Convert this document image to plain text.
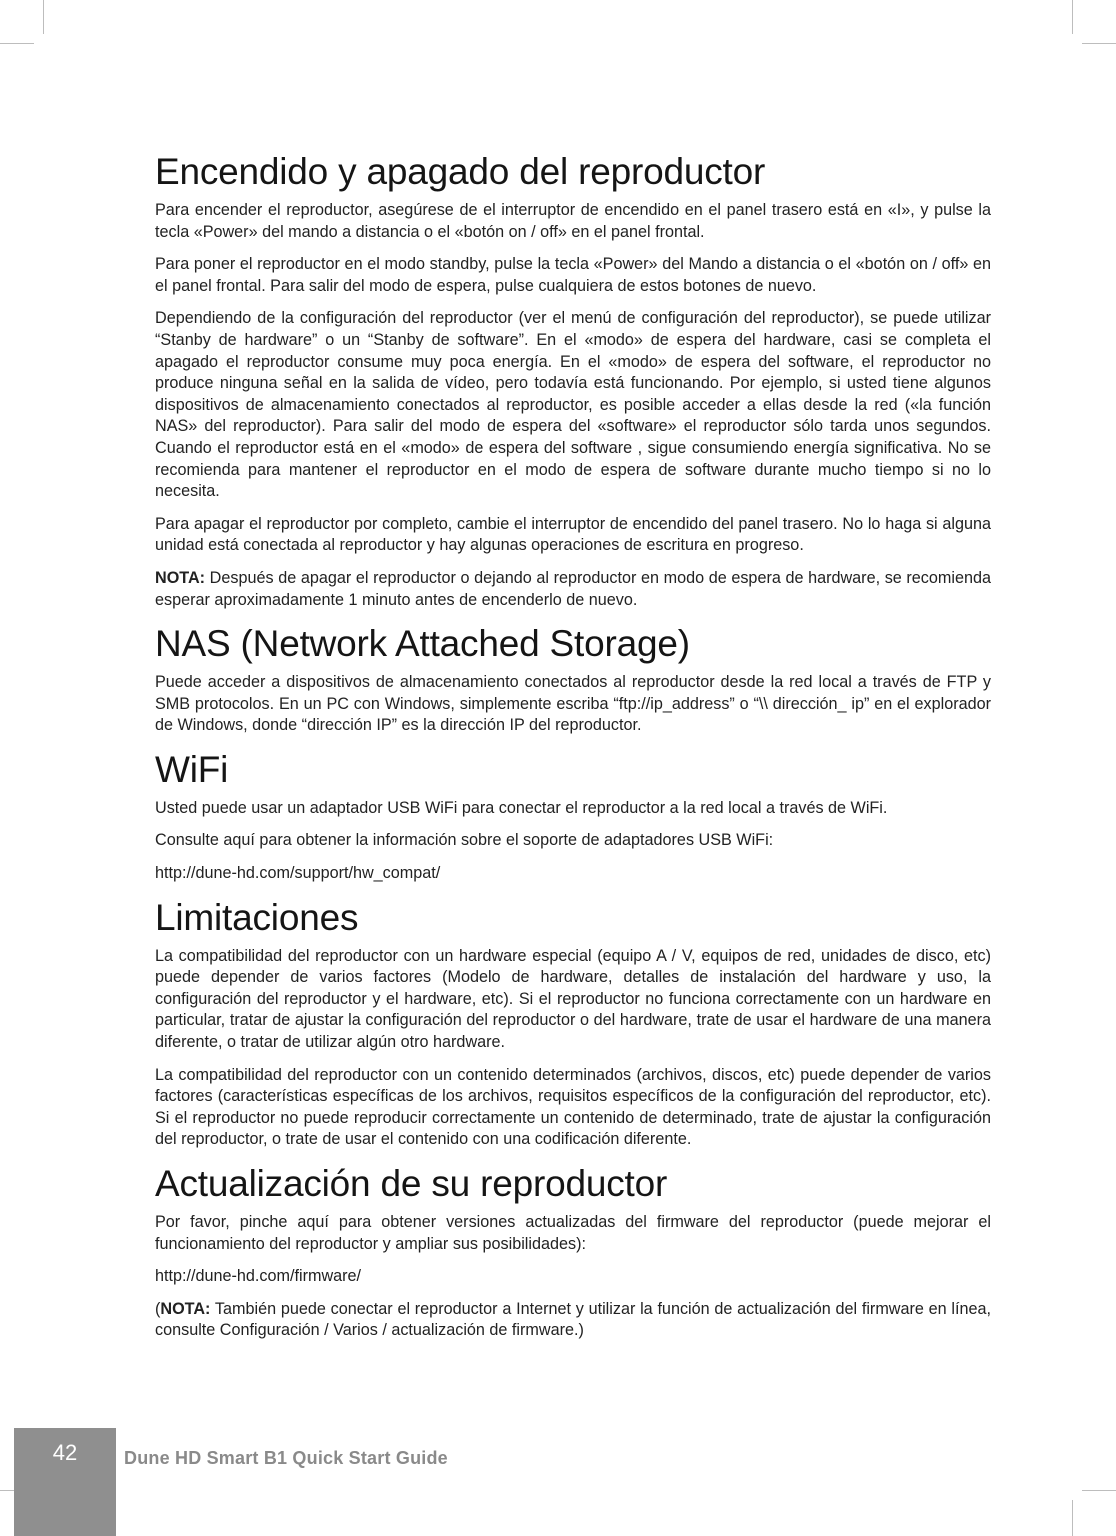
Encendido y apagado del reproductor

Para encender el reproductor, asegúrese de el interruptor de encendido en el panel trasero está en «I», y pulse la tecla «Power» del mando a distancia o el «botón on / off» en el panel frontal.

Para poner el reproductor en el modo standby, pulse la tecla «Power» del Mando a distancia o el «botón on / off» en el panel frontal. Para salir del modo de espera, pulse cualquiera de estos botones de nuevo.

Dependiendo de la configuración del reproductor (ver el menú de configuración del reproductor), se puede utilizar “Stanby de hardware” o un “Stanby de software”. En el «modo» de espera del hardware, casi se completa el apagado el reproductor consume muy poca energía. En el «modo» de espera del software, el reproductor no produce ninguna señal en la salida de vídeo, pero todavía está funcionando. Por ejemplo, si usted tiene algunos dispositivos de almacenamiento conectados al reproductor, es posible acceder a ellas desde la red («la función NAS» del reproductor). Para salir del modo de espera del «software» el reproductor sólo tarda unos segundos. Cuando el reproductor está en el «modo» de espera del software , sigue consumiendo energía significativa. No se recomienda para mantener el reproductor en el modo de espera de software durante mucho tiempo si no lo necesita.

Para apagar el reproductor por completo, cambie el interruptor de encendido del panel trasero. No lo haga si alguna unidad está conectada al reproductor y hay algunas operaciones de escritura en progreso.

NOTA: Después de apagar el reproductor o dejando al reproductor en modo de espera de hardware, se recomienda esperar aproximadamente 1 minuto antes de encenderlo de nuevo.

NAS (Network Attached Storage)

Puede acceder a dispositivos de almacenamiento conectados al reproductor desde la red local a través de FTP y SMB protocolos. En un PC con Windows, simplemente escriba “ftp://ip_address” o “\\ dirección_ ip” en el explorador de Windows, donde “dirección IP” es la dirección IP del reproductor.

WiFi

Usted puede usar un adaptador USB WiFi para conectar el reproductor a la red local a través de WiFi.

Consulte aquí para obtener la información sobre el soporte de adaptadores USB WiFi:

http://dune-hd.com/support/hw_compat/

Limitaciones

La compatibilidad del reproductor con un hardware especial (equipo A / V, equipos de red, unidades de disco, etc) puede depender de varios factores (Modelo de hardware, detalles de instalación del hardware y uso, la configuración del reproductor y el hardware, etc). Si el reproductor no funciona correctamente con un hardware en particular, tratar de ajustar la configuración del reproductor o del hardware, trate de usar el hardware de una manera diferente, o tratar de utilizar algún otro hardware.

La compatibilidad del reproductor con un contenido determinados (archivos, discos, etc) puede depender de varios factores (características específicas de los archivos, requisitos específicos de la configuración del reproductor, etc). Si el reproductor no puede reproducir correctamente un contenido de determinado, trate de ajustar la configuración del reproductor, o trate de usar el contenido con una codificación diferente.

Actualización de su reproductor

Por favor, pinche aquí para obtener versiones actualizadas del firmware del reproductor (puede mejorar el funcionamiento del reproductor y ampliar sus posibilidades):

http://dune-hd.com/firmware/

(NOTA: También puede conectar el reproductor a Internet y utilizar la función de actualización del firmware en línea, consulte Configuración / Varios / actualización de firmware.)

42	Dune HD Smart B1 Quick Start Guide
